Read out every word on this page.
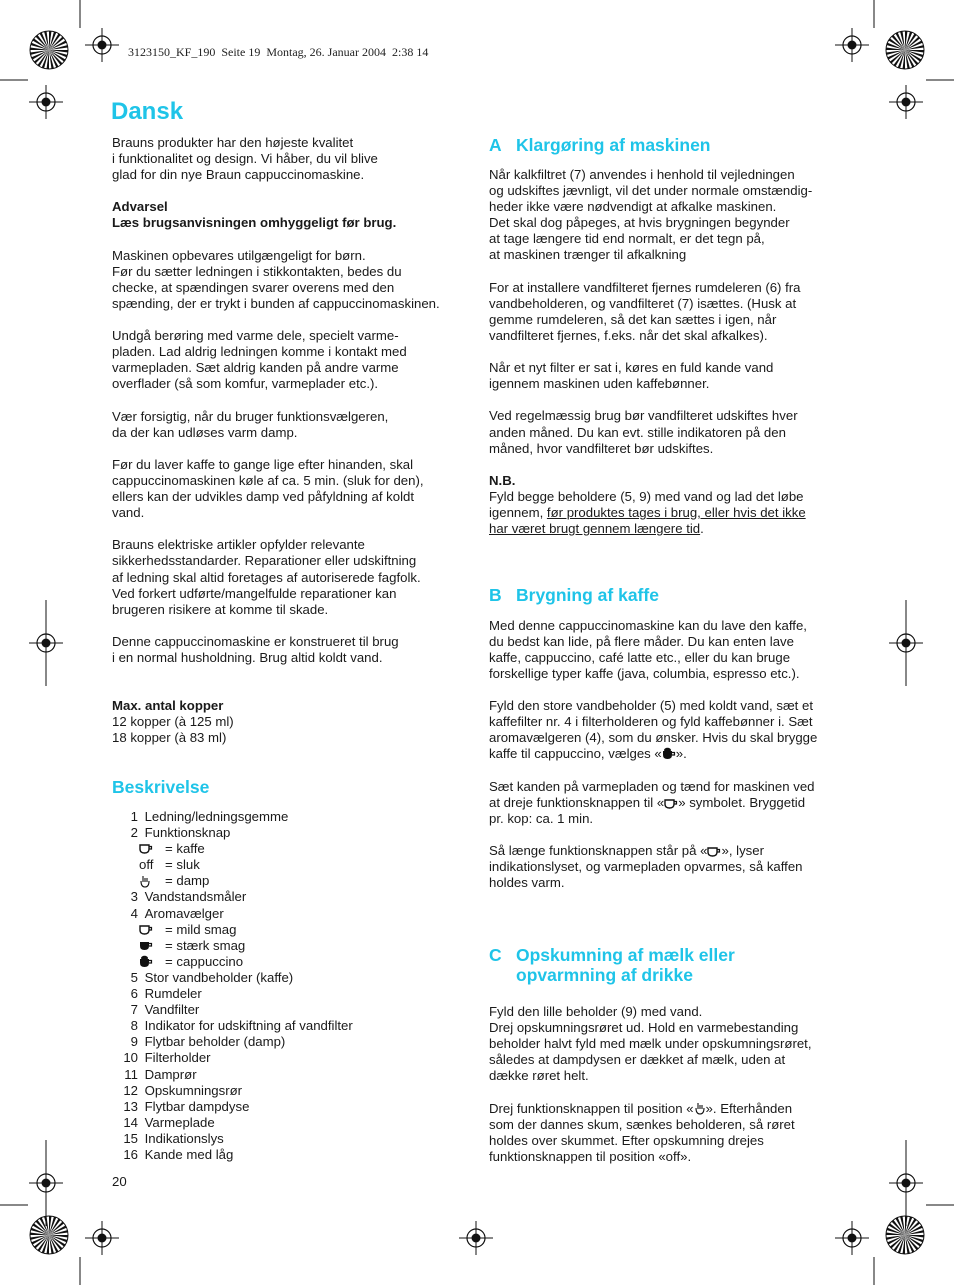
3123150_KF_190  Seite 19  Montag, 26. Januar 2004  2:38 14
Dansk

Brauns produkter har den højeste kvalitet

i funktionalitet og design. Vi håber, du vil blive

glad for din nye Braun cappuccinomaskine.

Advarsel

Læs brugsanvisningen omhyggeligt før brug.

Maskinen opbevares utilgængeligt for børn.

Før du sætter ledningen i stikkontakten, bedes du

checke, at spændingen svarer overens med den

spænding, der er trykt i bunden af cappuccinomaskinen.

Undgå berøring med varme dele, specielt varme-

pladen. Lad aldrig ledningen komme i kontakt med

varmepladen. Sæt aldrig kanden på andre varme

overflader (så som komfur, varmeplader etc.).

Vær forsigtig, når du bruger funktionsvælgeren,

da der kan udløses varm damp.

Før du laver kaffe to gange lige efter hinanden, skal

cappuccinomaskinen køle af ca. 5 min. (sluk for den),

ellers kan der udvikles damp ved påfyldning af koldt

vand.

Brauns elektriske artikler opfylder relevante

sikkerhedsstandarder. Reparationer eller udskiftning

af ledning skal altid foretages af autoriserede fagfolk.

Ved forkert udførte/mangelfulde reparationer kan

brugeren risikere at komme til skade.

Denne cappuccinomaskine er konstrueret til brug

i en normal husholdning. Brug altid koldt vand.

Max. antal kopper

12 kopper (à 125 ml)

18 kopper (à 83 ml)

Beskrivelse
1 Ledning/ledningsgemme
2 Funktionsknap
= kaffe
off = sluk
= damp
3 Vandstandsmåler
4 Aromavælger
= mild smag
= stærk smag
= cappuccino
5 Stor vandbeholder (kaffe)
6 Rumdeler
7 Vandfilter
8 Indikator for udskiftning af vandfilter
9 Flytbar beholder (damp)
10 Filterholder
11 Damprør
12 Opskumningsrør
13 Flytbar dampdyse
14 Varmeplade
15 Indikationslys
16 Kande med låg
A Klargøring af maskinen

Når kalkfiltret (7) anvendes i henhold til vejledningen

og udskiftes jævnligt, vil det under normale omstændig-

heder ikke være nødvendigt at afkalke maskinen.

Det skal dog påpeges, at hvis brygningen begynder

at tage længere tid end normalt, er det tegn på,

at maskinen trænger til afkalkning

For at installere vandfilteret fjernes rumdeleren (6) fra

vandbeholderen, og vandfilteret (7) isættes. (Husk at

gemme rumdeleren, så det kan sættes i igen, når

vandfilteret fjernes, f.eks. når det skal afkalkes).

Når et nyt filter er sat i, køres en fuld kande vand

igennem maskinen uden kaffebønner.

Ved regelmæssig brug bør vandfilteret udskiftes hver

anden måned. Du kan evt. stille indikatoren på den

måned, hvor vandfilteret bør udskiftes.

N.B.

Fyld begge beholdere (5, 9) med vand og lad det løbe

igennem, før produktes tages i brug, eller hvis det ikke

har været brugt gennem længere tid.

Med denne cappuccinomaskine kan du lave den kaffe,

du bedst kan lide, på flere måder. Du kan enten lave

kaffe, cappuccino, café latte etc., eller du kan bruge

forskellige typer kaffe (java, columbia, espresso etc.).

Fyld den store vandbeholder (5) med koldt vand, sæt et

kaffefilter nr. 4 i filterholderen og fyld kaffebønner i. Sæt

aromavælgeren (4), som du ønsker. Hvis du skal brygge

kaffe til cappuccino, vælges « ».

Sæt kanden på varmepladen og tænd for maskinen ved

at dreje funktionsknappen til « » symbolet. Bryggetid

pr. kop: ca. 1 min.

Så længe funktionsknappen står på « », lyser

indikationslyset, og varmepladen opvarmes, så kaffen

holdes varm.

Fyld den lille beholder (9) med vand.

Drej opskumningsrøret ud. Hold en varmebestanding

beholder halvt fyld med mælk under opskumningsrøret,

således at dampdysen er dækket af mælk, uden at

dække røret helt.

Drej funktionsknappen til position « ». Efterhånden

som der dannes skum, sænkes beholderen, så røret

holdes over skummet. Efter opskumning drejes

funktionsknappen til position «off».

B Brygning af kaffe
C Opskumning af mælk eller
opvarmning af drikke
20
